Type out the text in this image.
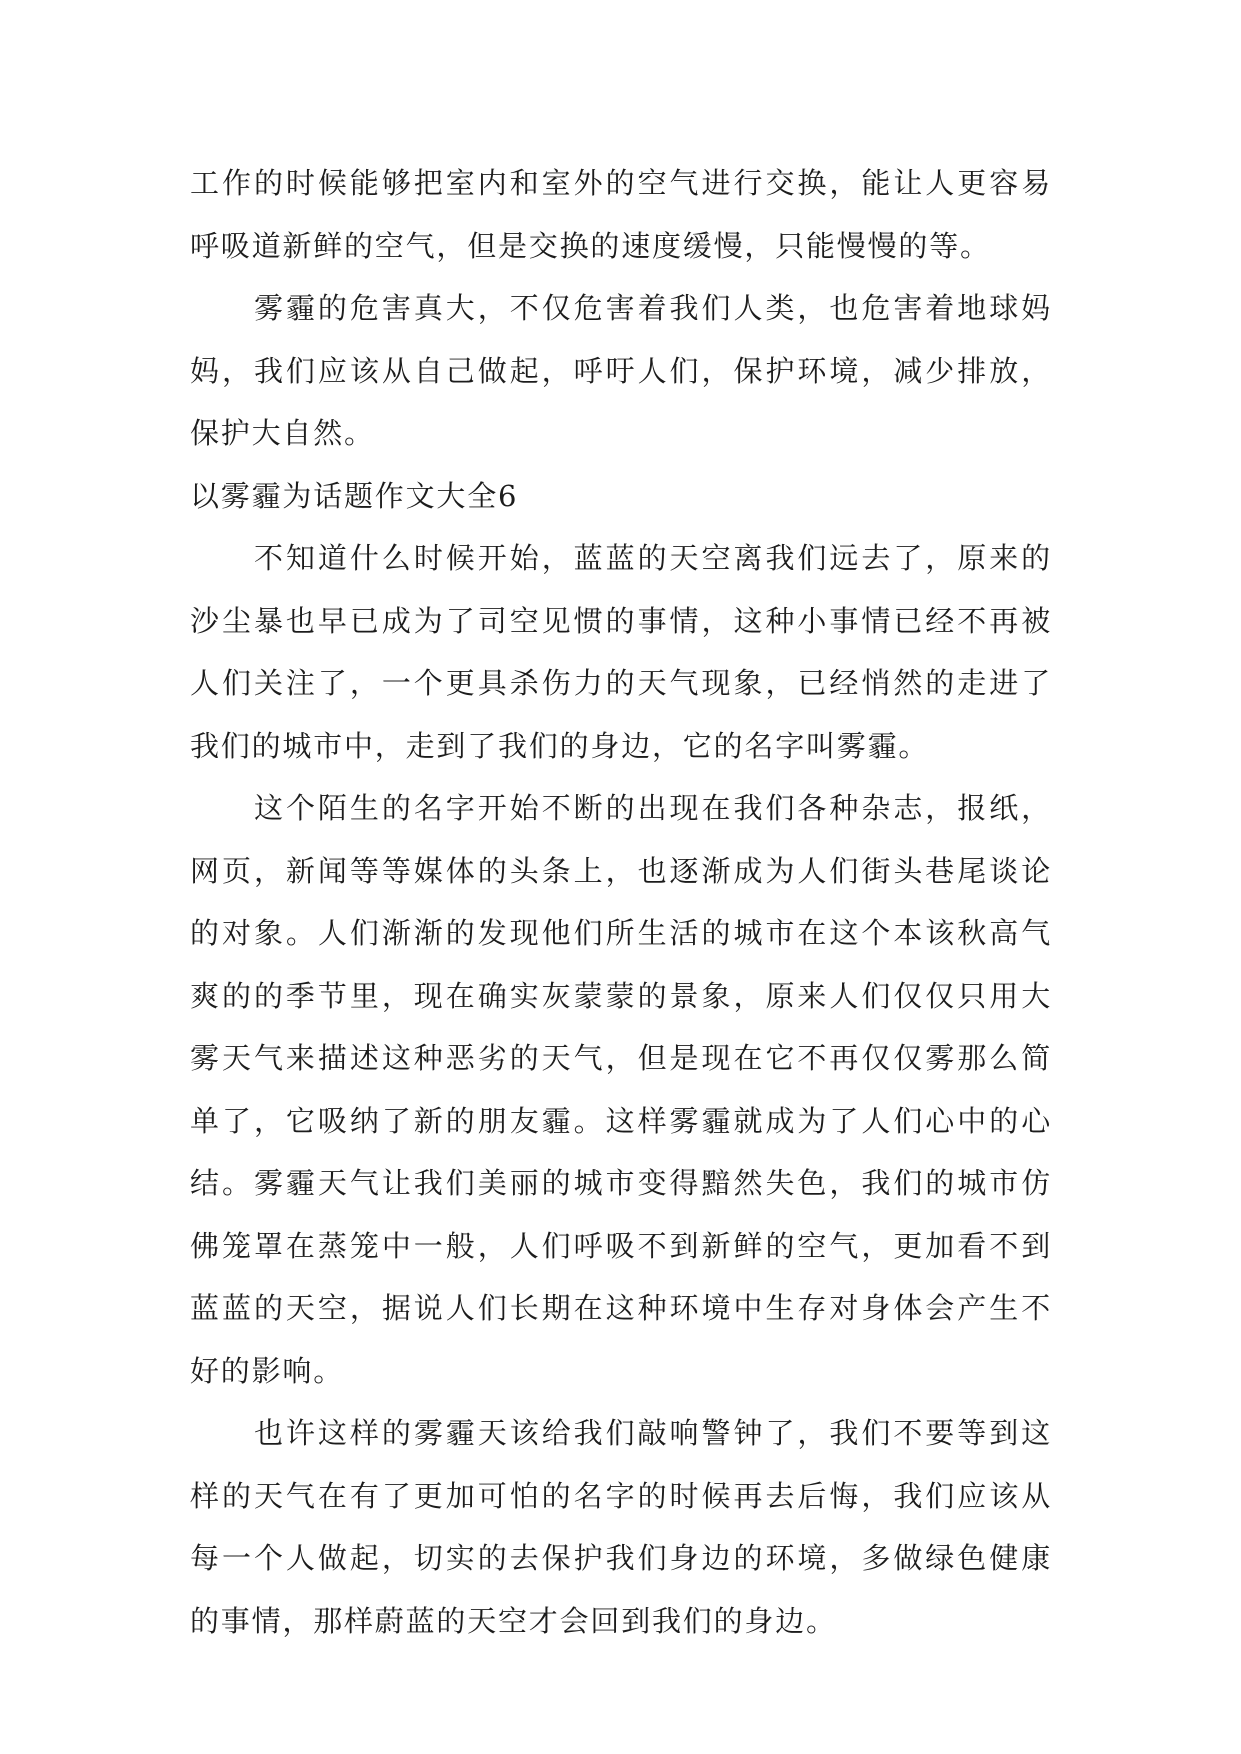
工作的时候能够把室内和室外的空气进行交换，能让人更容易呼吸道新鲜的空气，但是交换的速度缓慢，只能慢慢的等。

雾霾的危害真大，不仅危害着我们人类，也危害着地球妈妈，我们应该从自己做起，呼吁人们，保护环境，减少排放，保护大自然。

以雾霾为话题作文大全6

不知道什么时候开始，蓝蓝的天空离我们远去了，原来的沙尘暴也早已成为了司空见惯的事情，这种小事情已经不再被人们关注了，一个更具杀伤力的天气现象，已经悄然的走进了我们的城市中，走到了我们的身边，它的名字叫雾霾。

这个陌生的名字开始不断的出现在我们各种杂志，报纸，网页，新闻等等媒体的头条上，也逐渐成为人们街头巷尾谈论的对象。人们渐渐的发现他们所生活的城市在这个本该秋高气爽的的季节里，现在确实灰蒙蒙的景象，原来人们仅仅只用大雾天气来描述这种恶劣的天气，但是现在它不再仅仅雾那么简单了，它吸纳了新的朋友霾。这样雾霾就成为了人们心中的心结。雾霾天气让我们美丽的城市变得黯然失色，我们的城市仿佛笼罩在蒸笼中一般，人们呼吸不到新鲜的空气，更加看不到蓝蓝的天空，据说人们长期在这种环境中生存对身体会产生不好的影响。

也许这样的雾霾天该给我们敲响警钟了，我们不要等到这样的天气在有了更加可怕的名字的时候再去后悔，我们应该从每一个人做起，切实的去保护我们身边的环境，多做绿色健康的事情，那样蔚蓝的天空才会回到我们的身边。
